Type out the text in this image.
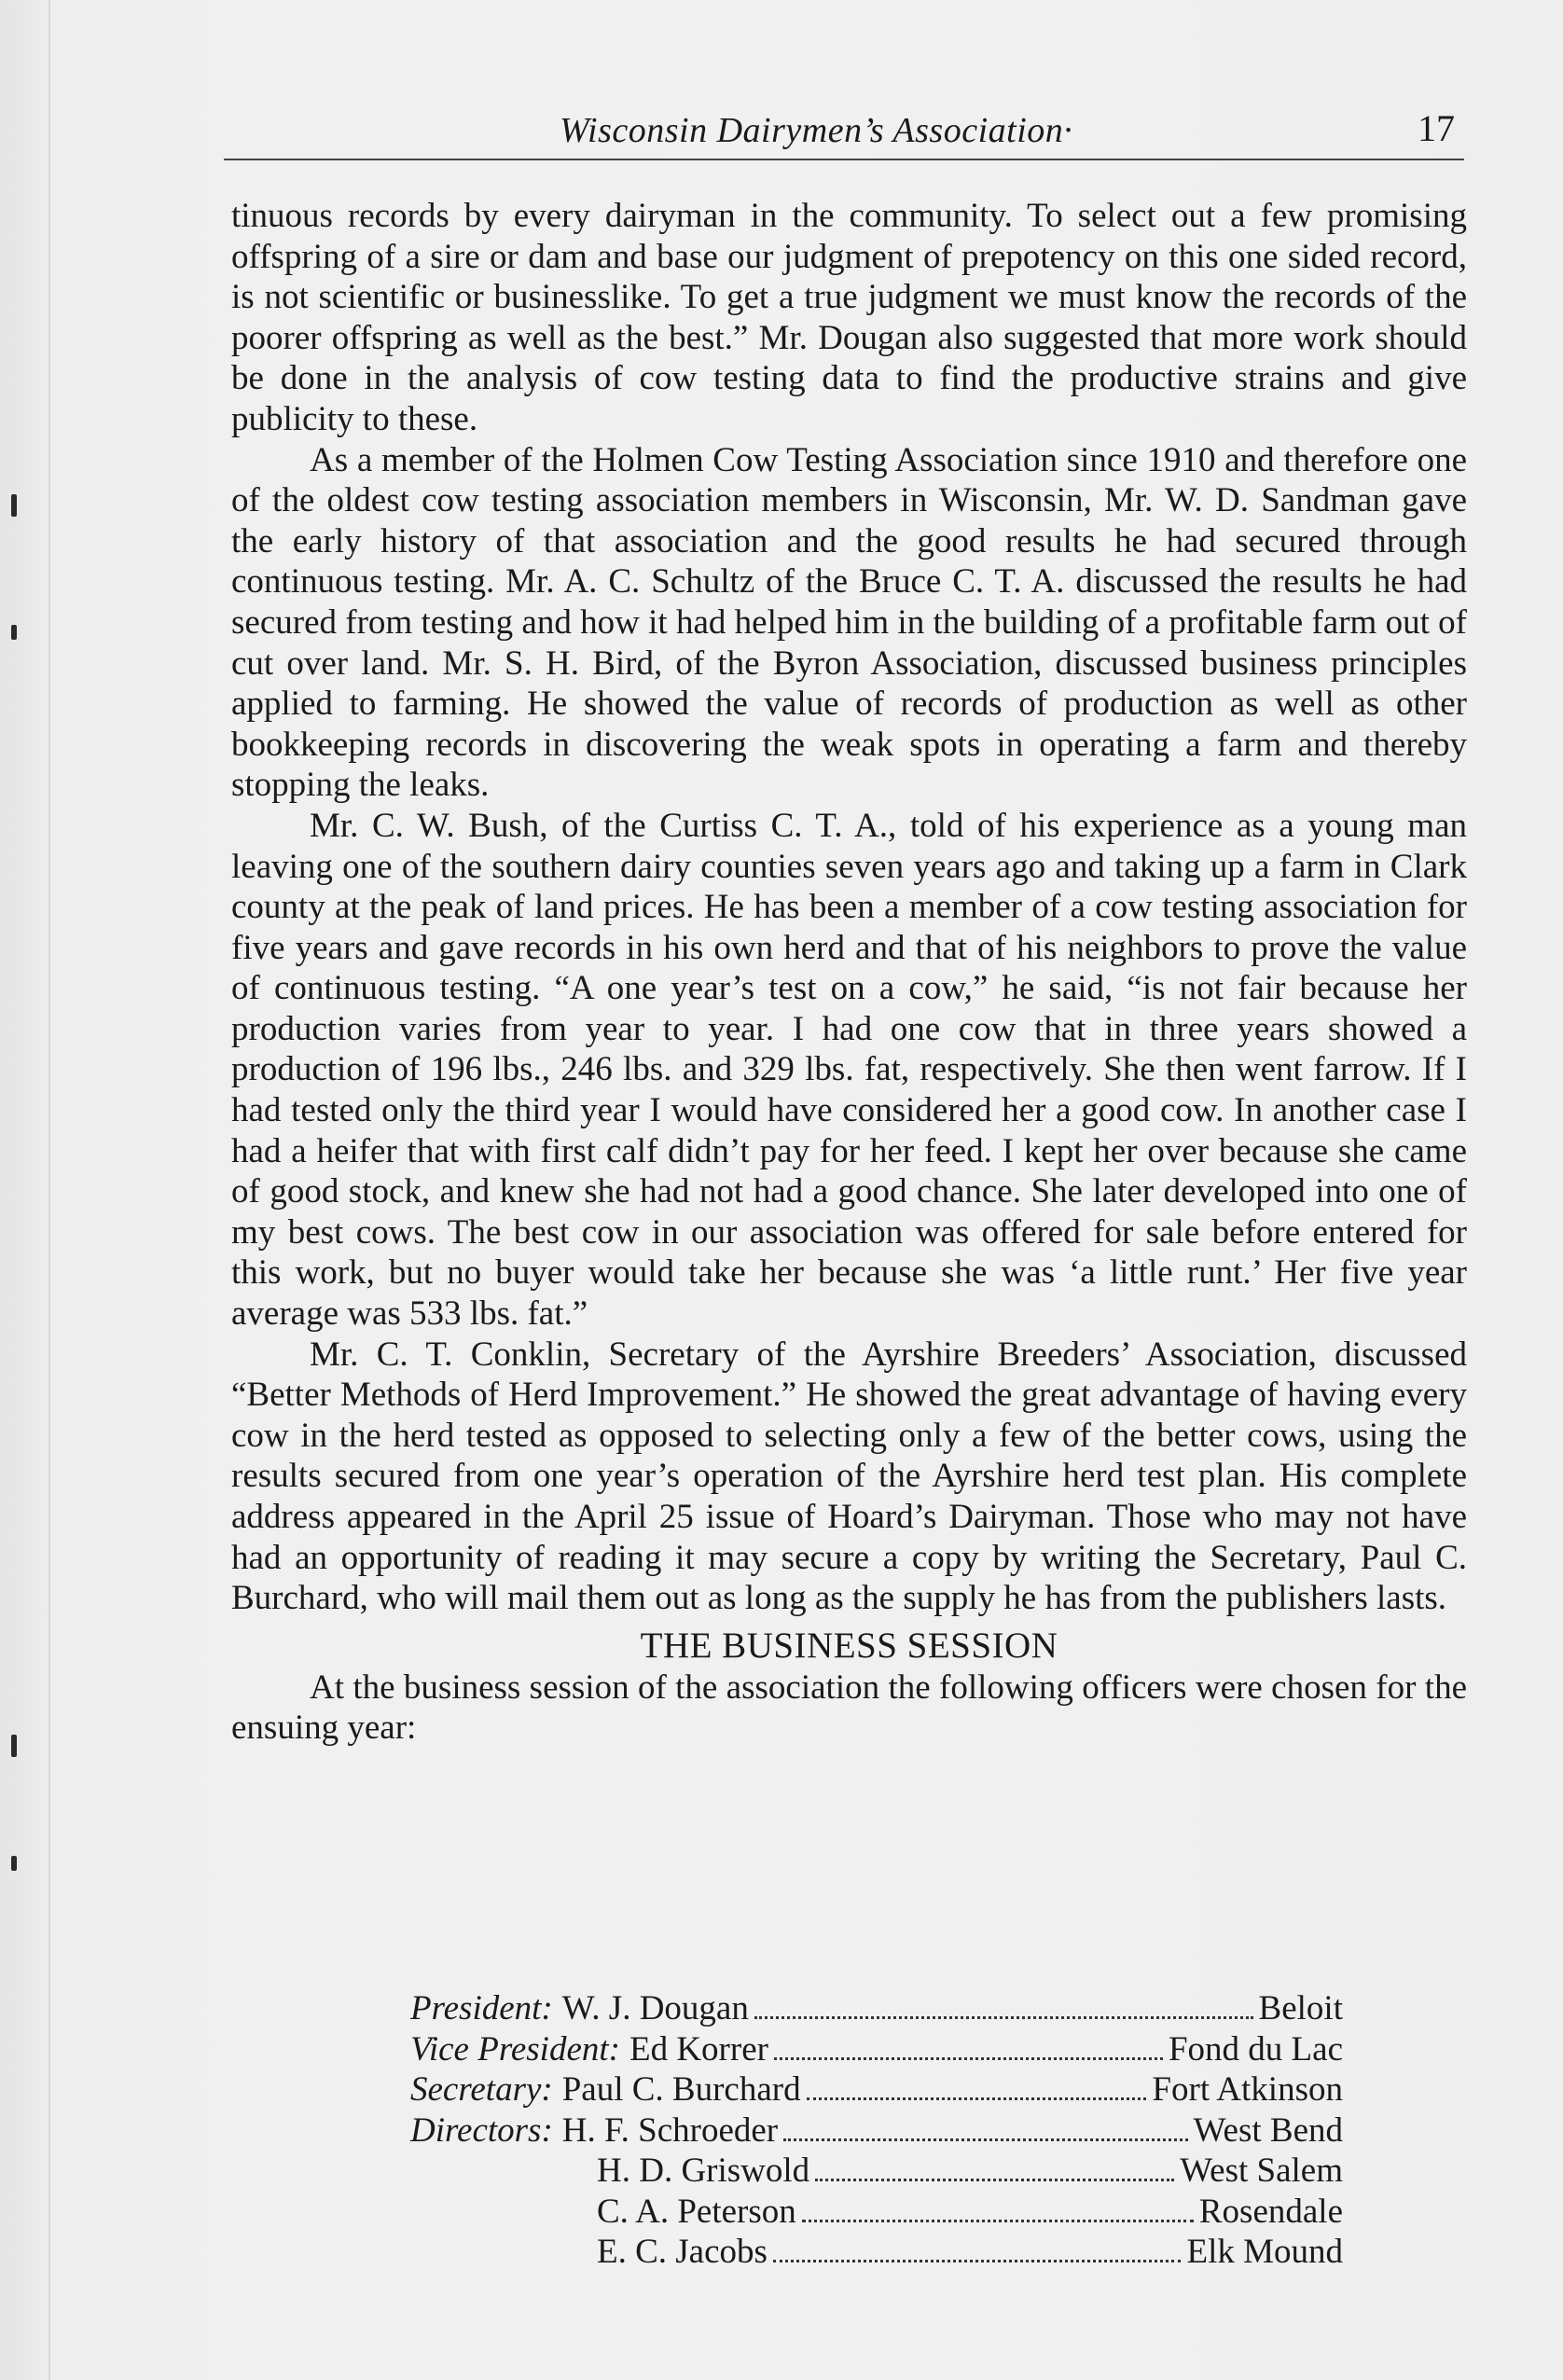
Wisconsin Dairymen’s Association·	17

tinuous records by every dairyman in the community. To select out a few promising offspring of a sire or dam and base our judgment of prepotency on this one sided record, is not scientific or businesslike. To get a true judgment we must know the records of the poorer offspring as well as the best.” Mr. Dougan also suggested that more work should be done in the analysis of cow testing data to find the productive strains and give publicity to these.

As a member of the Holmen Cow Testing Association since 1910 and therefore one of the oldest cow testing association members in Wisconsin, Mr. W. D. Sandman gave the early history of that association and the good results he had secured through continuous testing. Mr. A. C. Schultz of the Bruce C. T. A. discussed the results he had secured from testing and how it had helped him in the building of a profitable farm out of cut over land. Mr. S. H. Bird, of the Byron Association, discussed business principles applied to farming. He showed the value of records of production as well as other bookkeeping records in discovering the weak spots in operating a farm and thereby stopping the leaks.

Mr. C. W. Bush, of the Curtiss C. T. A., told of his experience as a young man leaving one of the southern dairy counties seven years ago and taking up a farm in Clark county at the peak of land prices. He has been a member of a cow testing association for five years and gave records in his own herd and that of his neighbors to prove the value of continuous testing. “A one year’s test on a cow,” he said, “is not fair because her production varies from year to year. I had one cow that in three years showed a production of 196 lbs., 246 lbs. and 329 lbs. fat, respectively. She then went farrow. If I had tested only the third year I would have considered her a good cow. In another case I had a heifer that with first calf didn’t pay for her feed. I kept her over because she came of good stock, and knew she had not had a good chance. She later developed into one of my best cows. The best cow in our association was offered for sale before entered for this work, but no buyer would take her because she was ‘a little runt.’ Her five year average was 533 lbs. fat.”

Mr. C. T. Conklin, Secretary of the Ayrshire Breeders’ Association, discussed “Better Methods of Herd Improvement.” He showed the great advantage of having every cow in the herd tested as opposed to selecting only a few of the better cows, using the results secured from one year’s operation of the Ayrshire herd test plan. His complete address appeared in the April 25 issue of Hoard’s Dairyman. Those who may not have had an opportunity of reading it may secure a copy by writing the Secretary, Paul C. Burchard, who will mail them out as long as the supply he has from the publishers lasts.

THE BUSINESS SESSION

At the business session of the association the following officers were chosen for the ensuing year:

President: W. J. Dougan	Beloit
Vice President: Ed Korrer	Fond du Lac
Secretary: Paul C. Burchard	Fort Atkinson
Directors: H. F. Schroeder	West Bend
H. D. Griswold	West Salem
C. A. Peterson	Rosendale
E. C. Jacobs	Elk Mound
